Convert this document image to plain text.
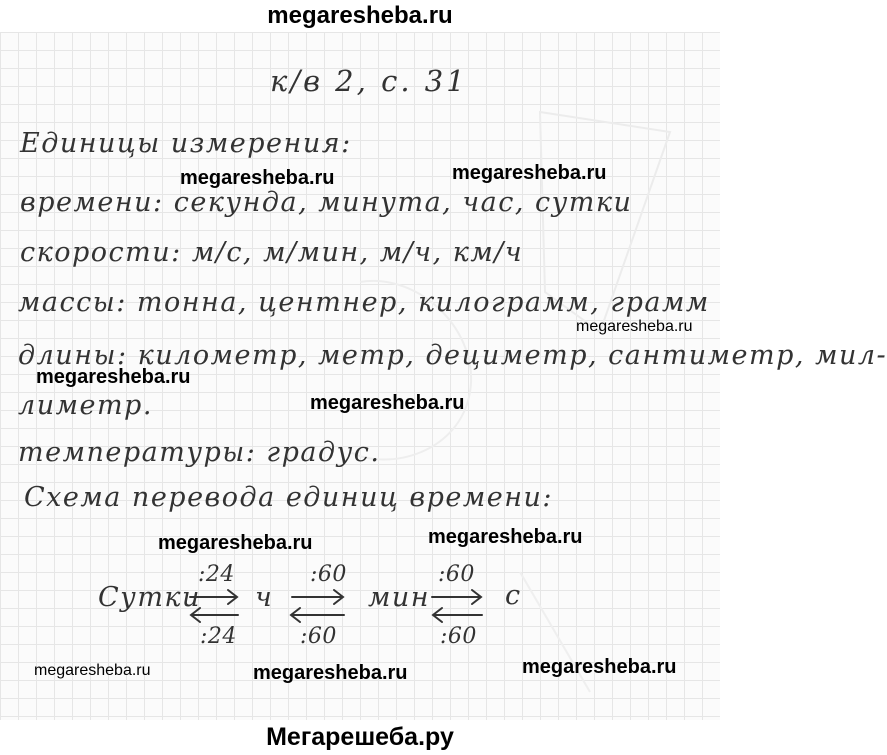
megaresheba.ru
к/в 2, с. 31
Единицы измерения:
времени: секунда, минута, час, сутки
скорости: м/с, м/мин, м/ч, км/ч
массы: тонна, центнер, килограмм, грамм
длины: километр, метр, дециметр, сантиметр, мил-
лиметр.
температуры: градус.
Схема перевода единиц времени:
Сутки ч	мин	с
:24
:24
:60
:60
:60
:60
megaresheba.ru	megaresheba.ru
megaresheba.ru
megaresheba.ru
megaresheba.ru
megaresheba.ru
megaresheba.ru
megaresheba.ru	megaresheba.ru	megaresheba.ru
Мегарешеба.ру
